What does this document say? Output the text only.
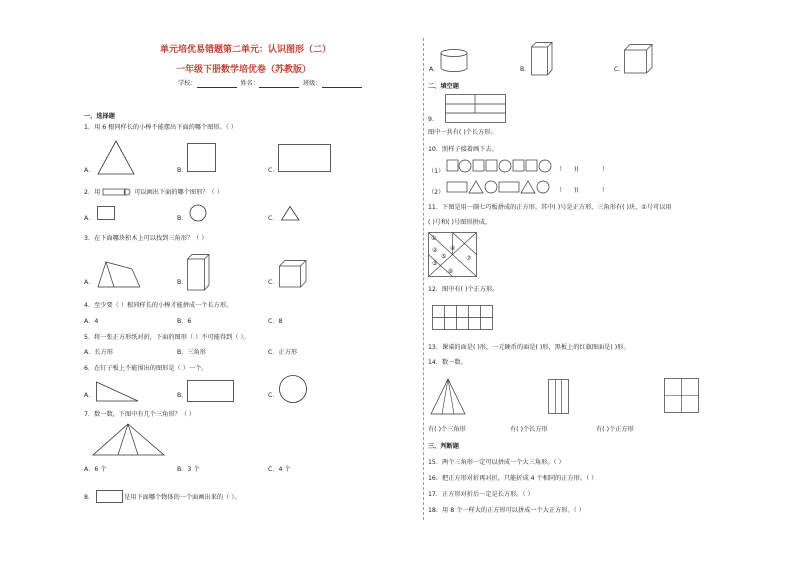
单元培优易错题第二单元：认识图形（二）
一年级下册数学培优卷（苏教版）
学校：	姓名：	班级：
一、选择题
1．用 6 根同样长的小棒不能摆出下面的哪个图形。（ ）
A．	B．	C．
2．用	可以画出下面的哪个图形？（ ）
A．	B．	C．
3．在下面哪块积木上可以找到三角形？（ ）
A．	B．	C．
4．至少要（ ）根同样长的小棒才能拼成一个长方形。
A．4	B．6	C．8
5．将一张正方形纸对折，下面的图形（ ）不可能得到（ ）。
A．长方形	B．三角形	C．正方形
6．在钉子板上不能围出的图形是（ ）一个。
A．	B．	C．
7．数一数，下图中有几个三角形？（ ）
A．6 个	B．3 个	C．4 个
8．	是用下面哪个物体的一个面画出来的（ ）。
A．	B．	C．
二、填空题
9．
图中一共有( )个长方形。
10．照样子接着画下去。
（1）	（ )(	）
（2）	（ )(	）
11．下图是用一副七巧板拼成的正方形。其中( )号是正方形，三角形有( )块，①号可以用
( )号和( )号图形拼成。
①
②
③
④
⑤
⑥
⑦
12．图中有( )个正方形。
13．课桌的面是( )形，一元硬币的面是( )形，黑板上的红旗图面是( )形。
14．数一数。
有( )个三角形	有( )个长方形	有( )个正方形
三、判断题
15．两个三角形一定可以拼成一个大三角形。（ ）
16．把正方形对折再对折，只能折成 4 个相同的正方形。（ ）
17．正方形对折后一定是长方形。（ ）
18．用 8 个一样大的正方形可以拼成一个大正方形。（ ）
